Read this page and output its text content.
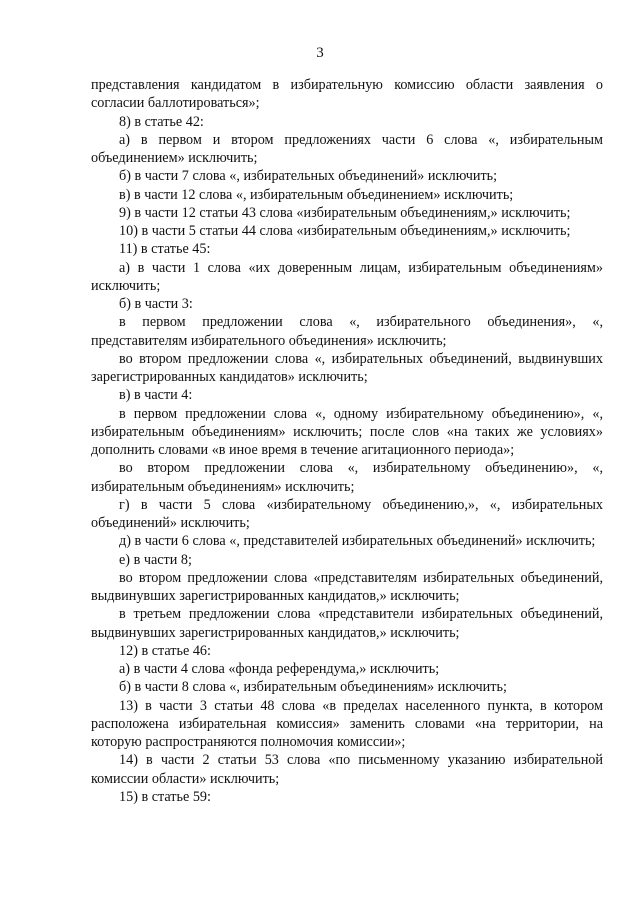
3

представления кандидатом в избирательную комиссию области заявления о согласии баллотироваться»;

8) в статье 42:

а) в первом и втором предложениях части 6 слова «, избирательным объединением» исключить;

б) в части 7 слова «, избирательных объединений» исключить;

в) в части 12 слова «, избирательным объединением» исключить;

9) в части 12 статьи 43 слова «избирательным объединениям,» исключить;

10) в части 5 статьи 44 слова «избирательным объединениям,» исключить;

11) в статье 45:

а) в части 1 слова «их доверенным лицам, избирательным объединениям» исключить;

б) в части 3:

в первом предложении слова «, избирательного объединения», «, представителям избирательного объединения» исключить;

во втором предложении слова «, избирательных объединений, выдвинувших зарегистрированных кандидатов» исключить;

в) в части 4:

в первом предложении слова «, одному избирательному объединению», «, избирательным объединениям» исключить; после слов «на таких же условиях» дополнить словами «в иное время в течение агитационного периода»;

во втором предложении слова «, избирательному объединению», «, избирательным объединениям» исключить;

г) в части 5 слова «избирательному объединению,», «, избирательных объединений» исключить;

д) в части 6 слова «, представителей избирательных объединений» исключить;

е) в части 8;

во втором предложении слова «представителям избирательных объединений, выдвинувших зарегистрированных кандидатов,» исключить;

в третьем предложении слова «представители избирательных объединений, выдвинувших зарегистрированных кандидатов,» исключить;

12) в статье 46:

а) в части 4 слова «фонда референдума,» исключить;

б) в части 8 слова «, избирательным объединениям» исключить;

13) в части 3 статьи 48 слова «в пределах населенного пункта, в котором расположена избирательная комиссия» заменить словами «на территории, на которую распространяются полномочия комиссии»;

14) в части 2 статьи 53 слова «по письменному указанию избирательной комиссии области» исключить;

15) в статье 59:
